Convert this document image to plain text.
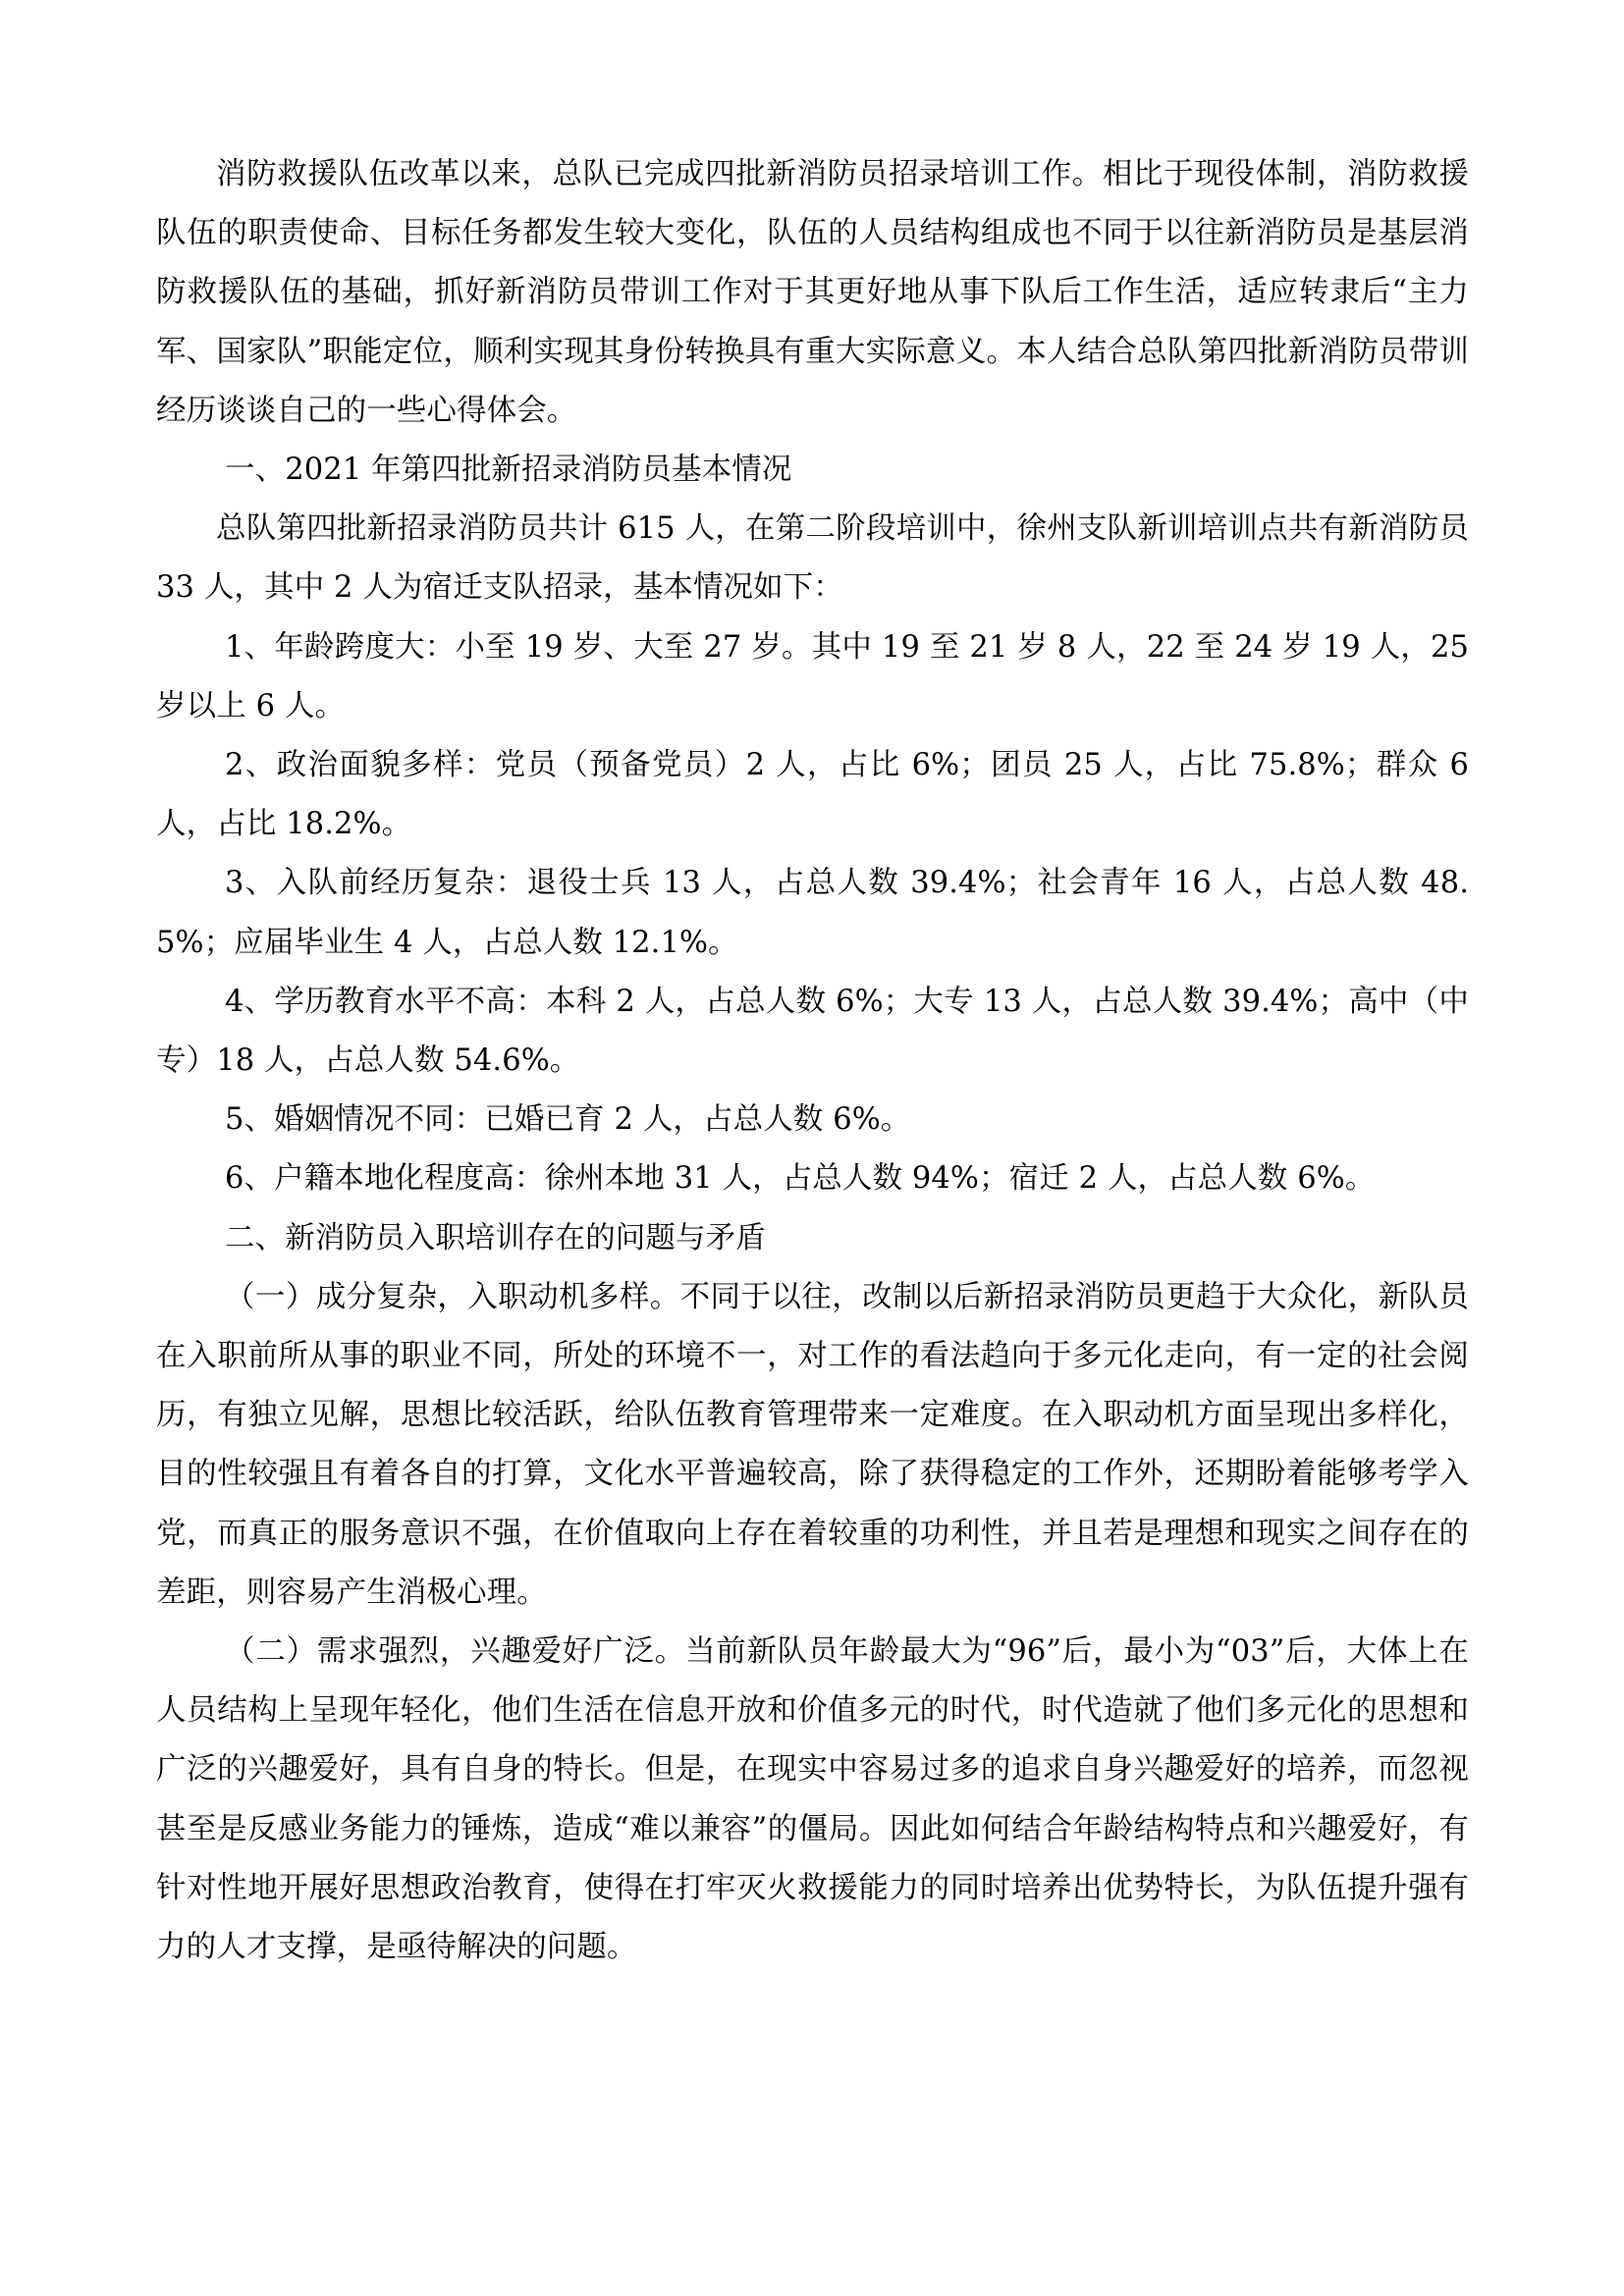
消防救援队伍改革以来，总队已完成四批新消防员招录培训工作。相比于现役体制，消防救援队伍的职责使命、目标任务都发生较大变化，队伍的人员结构组成也不同于以往新消防员是基层消防救援队伍的基础，抓好新消防员带训工作对于其更好地从事下队后工作生活，适应转隶后“主力军、国家队”职能定位，顺利实现其身份转换具有重大实际意义。本人结合总队第四批新消防员带训经历谈谈自己的一些心得体会。

一、2021 年第四批新招录消防员基本情况

总队第四批新招录消防员共计 615 人，在第二阶段培训中，徐州支队新训培训点共有新消防员 33 人，其中 2 人为宿迁支队招录，基本情况如下：

1、年龄跨度大：小至 19 岁、大至 27 岁。其中 19 至 21 岁 8 人，22 至 24 岁 19 人，25 岁以上 6 人。

2、政治面貌多样：党员（预备党员）2 人，占比 6%；团员 25 人，占比 75.8%；群众 6 人，占比 18.2%。

3、入队前经历复杂：退役士兵 13 人，占总人数 39.4%；社会青年 16 人，占总人数 48.5%；应届毕业生 4 人，占总人数 12.1%。

4、学历教育水平不高：本科 2 人，占总人数 6%；大专 13 人，占总人数 39.4%；高中（中专）18 人，占总人数 54.6%。

5、婚姻情况不同：已婚已育 2 人，占总人数 6%。

6、户籍本地化程度高：徐州本地 31 人，占总人数 94%；宿迁 2 人，占总人数 6%。

二、新消防员入职培训存在的问题与矛盾

（一）成分复杂，入职动机多样。不同于以往，改制以后新招录消防员更趋于大众化，新队员在入职前所从事的职业不同，所处的环境不一，对工作的看法趋向于多元化走向，有一定的社会阅历，有独立见解，思想比较活跃，给队伍教育管理带来一定难度。在入职动机方面呈现出多样化，目的性较强且有着各自的打算，文化水平普遍较高，除了获得稳定的工作外，还期盼着能够考学入党，而真正的服务意识不强，在价值取向上存在着较重的功利性，并且若是理想和现实之间存在的差距，则容易产生消极心理。

（二）需求强烈，兴趣爱好广泛。当前新队员年龄最大为“96”后，最小为“03”后，大体上在人员结构上呈现年轻化，他们生活在信息开放和价值多元的时代，时代造就了他们多元化的思想和广泛的兴趣爱好，具有自身的特长。但是，在现实中容易过多的追求自身兴趣爱好的培养，而忽视甚至是反感业务能力的锤炼，造成“难以兼容”的僵局。因此如何结合年龄结构特点和兴趣爱好，有针对性地开展好思想政治教育，使得在打牢灭火救援能力的同时培养出优势特长，为队伍提升强有力的人才支撑，是亟待解决的问题。
